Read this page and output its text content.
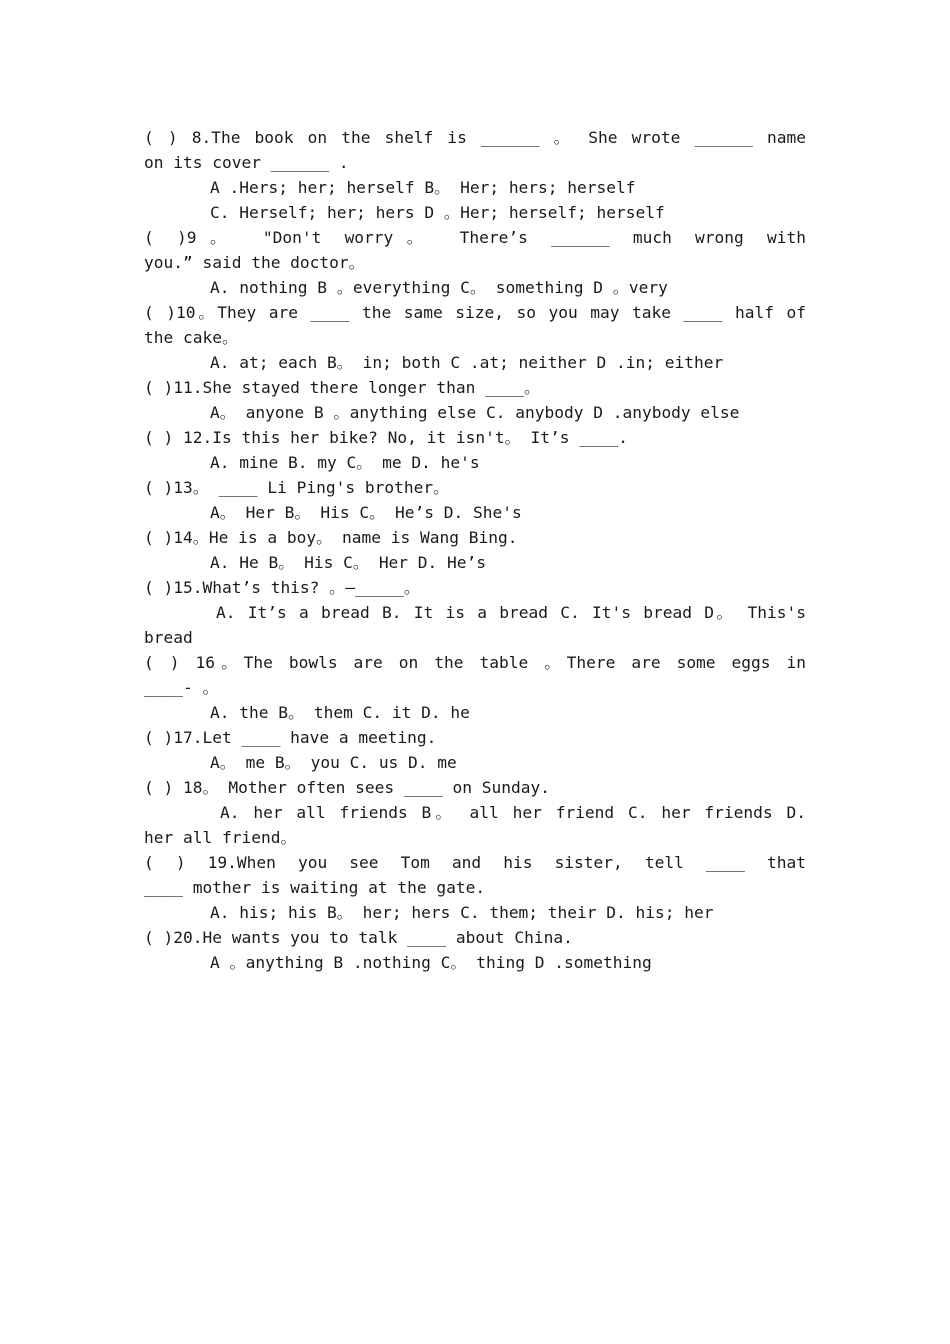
( ) 8.The book on the shelf is ______ 。 She wrote ______ name
on its cover ______ .
A .Hers; her; herself B。 Her; hers; herself
C. Herself; her; hers D 。Her; herself; herself
( )9。 "Don't worry。 There’s ______ much wrong with
you.” said the doctor。
A. nothing B 。everything C。 something D 。very
( )10。They are ____ the same size, so you may take ____ half of
the cake。
A. at; each B。 in; both C .at; neither D .in; either
( )11.She stayed there longer than ____。
A。 anyone B 。anything else C. anybody D .anybody else
( ) 12.Is this her bike? No, it isn't。 It’s ____.
A. mine B. my C。 me D. he's
( )13。 ____ Li Ping's brother。
A。 Her B。 His C。 He’s D. She's
( )14。He is a boy。 name is Wang Bing.
A. He B。 His C。 Her D. He’s
( )15.What’s this? 。—_____。
A. It’s a bread B. It is a bread C. It's bread D。 This's
bread
( ) 16。The bowls are on the table 。There are some eggs in
____- 。
A. the B。 them C. it D. he
( )17.Let ____ have a meeting.
A。 me B。 you C. us D. me
( ) 18。 Mother often sees ____ on Sunday.
A. her all friends B。 all her friend C. her friends D.
her all friend。
( ) 19.When you see Tom and his sister, tell ____ that
____ mother is waiting at the gate.
A. his; his B。 her; hers C. them; their D. his; her
( )20.He wants you to talk ____ about China.
A 。anything B .nothing C。 thing D .something
